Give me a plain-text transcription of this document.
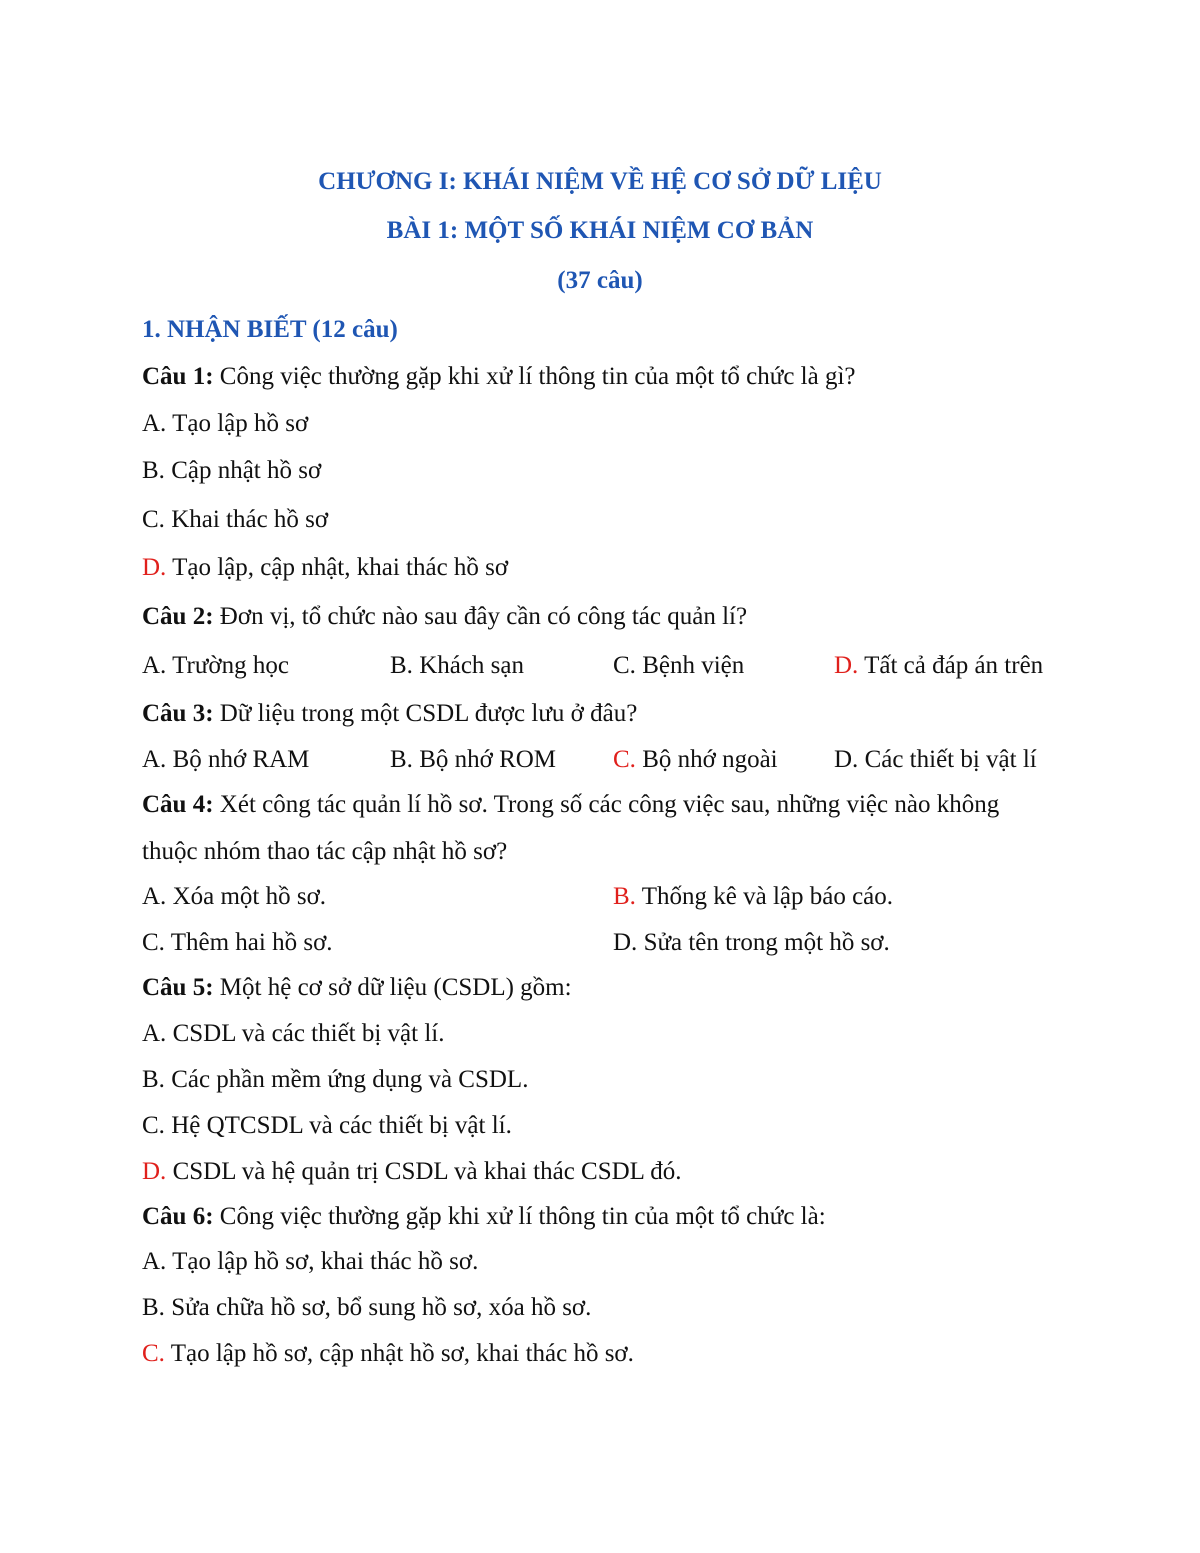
CHƯƠNG I: KHÁI NIỆM VỀ HỆ CƠ SỞ DỮ LIỆU
BÀI 1: MỘT SỐ KHÁI NIỆM CƠ BẢN
(37 câu)
1. NHẬN BIẾT (12 câu)
Câu 1: Công việc thường gặp khi xử lí thông tin của một tổ chức là gì?
A. Tạo lập hồ sơ
B. Cập nhật hồ sơ
C. Khai thác hồ sơ
D. Tạo lập, cập nhật, khai thác hồ sơ
Câu 2: Đơn vị, tổ chức nào sau đây cần có công tác quản lí?
A. Trường học	B. Khách sạn	C. Bệnh viện	D. Tất cả đáp án trên
Câu 3: Dữ liệu trong một CSDL được lưu ở đâu?
A. Bộ nhớ RAM	B. Bộ nhớ ROM C. Bộ nhớ ngoài D. Các thiết bị vật lí
Câu 4: Xét công tác quản lí hồ sơ. Trong số các công việc sau, những việc nào không
thuộc nhóm thao tác cập nhật hồ sơ?
A. Xóa một hồ sơ.	B. Thống kê và lập báo cáo.
C. Thêm hai hồ sơ.	D. Sửa tên trong một hồ sơ.
Câu 5: Một hệ cơ sở dữ liệu (CSDL) gồm:
A. CSDL và các thiết bị vật lí.
B. Các phần mềm ứng dụng và CSDL.
C. Hệ QTCSDL và các thiết bị vật lí.
D. CSDL và hệ quản trị CSDL và khai thác CSDL đó.
Câu 6: Công việc thường gặp khi xử lí thông tin của một tổ chức là:
A. Tạo lập hồ sơ, khai thác hồ sơ.
B. Sửa chữa hồ sơ, bổ sung hồ sơ, xóa hồ sơ.
C. Tạo lập hồ sơ, cập nhật hồ sơ, khai thác hồ sơ.
